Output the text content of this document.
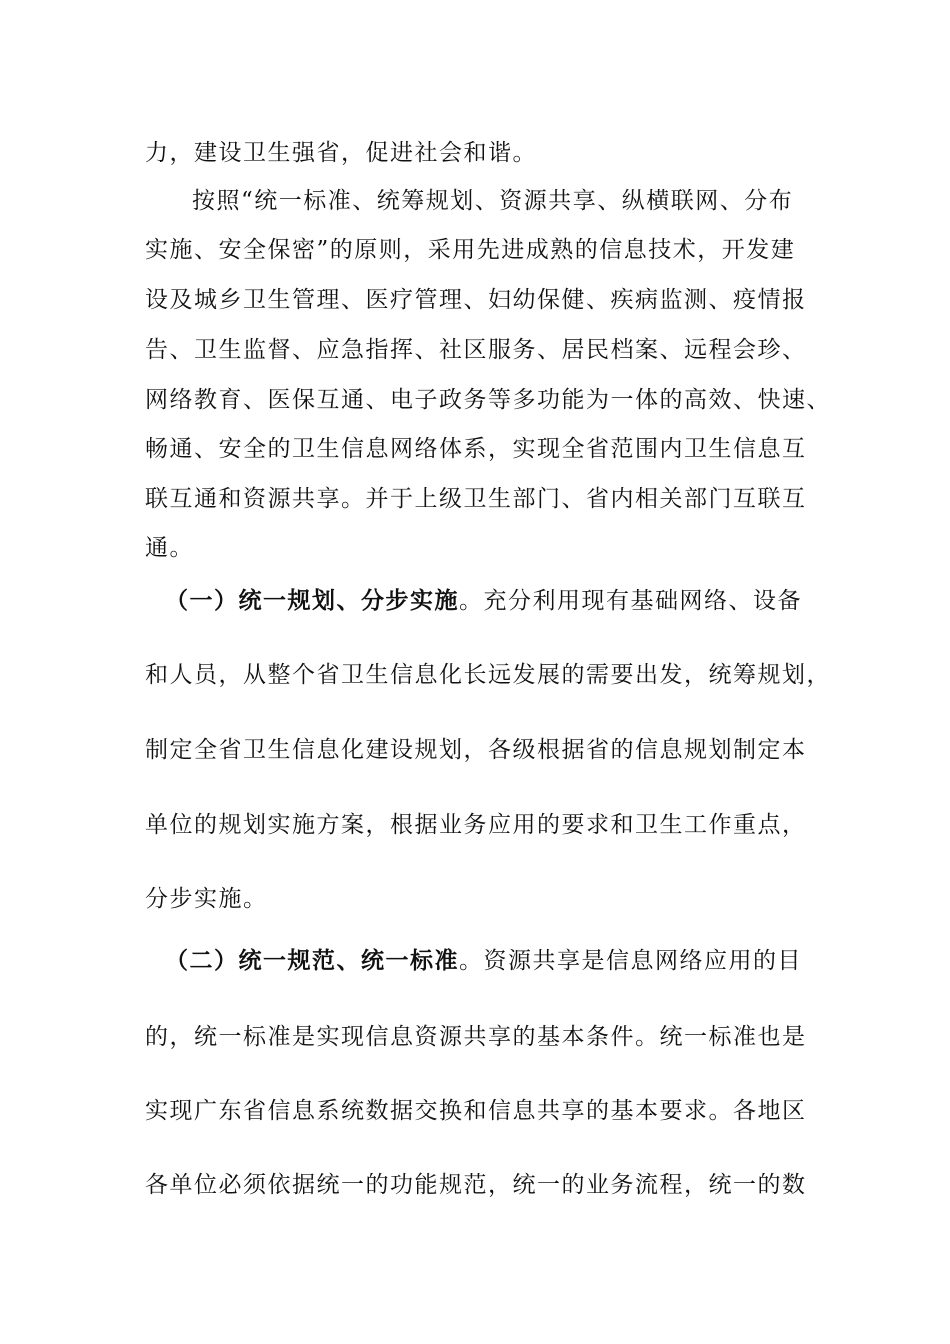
力，建设卫生强省，促进社会和谐。
按照“统一标准、统筹规划、资源共享、纵横联网、分布
实施、安全保密”的原则，采用先进成熟的信息技术，开发建
设及城乡卫生管理、医疗管理、妇幼保健、疾病监测、疫情报
告、卫生监督、应急指挥、社区服务、居民档案、远程会珍、
网络教育、医保互通、电子政务等多功能为一体的高效、快速、
畅通、安全的卫生信息网络体系，实现全省范围内卫生信息互
联互通和资源共享。并于上级卫生部门、省内相关部门互联互
通。
（一）统一规划、分步实施。充分利用现有基础网络、设备
和人员，从整个省卫生信息化长远发展的需要出发，统筹规划，
制定全省卫生信息化建设规划，各级根据省的信息规划制定本
单位的规划实施方案，根据业务应用的要求和卫生工作重点，
分步实施。
（二）统一规范、统一标准。资源共享是信息网络应用的目
的，统一标准是实现信息资源共享的基本条件。统一标准也是
实现广东省信息系统数据交换和信息共享的基本要求。各地区
各单位必须依据统一的功能规范，统一的业务流程，统一的数
